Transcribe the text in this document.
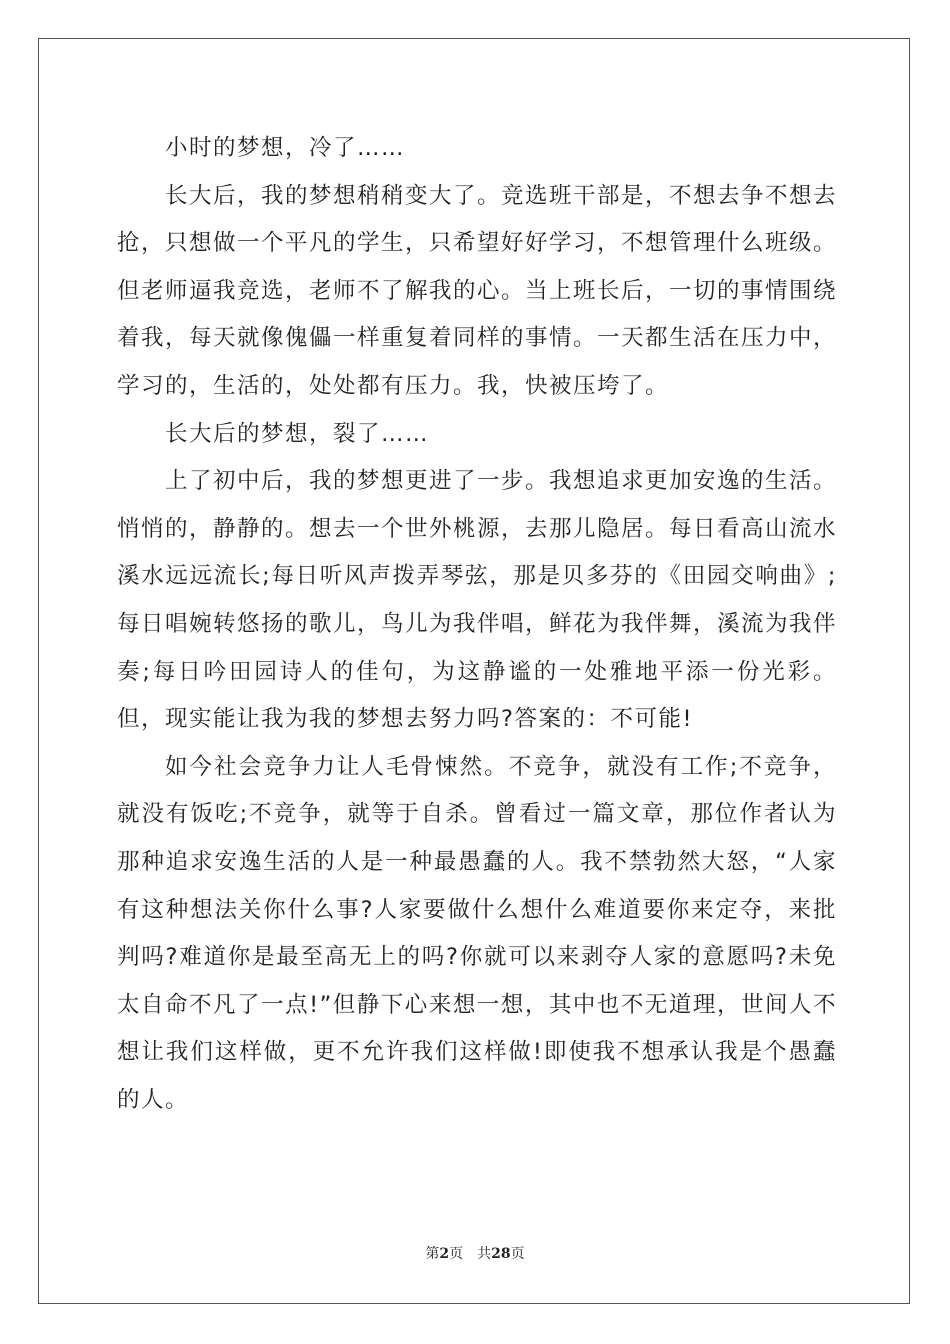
小时的梦想，冷了……

长大后，我的梦想稍稍变大了。竞选班干部是，不想去争不想去抢，只想做一个平凡的学生，只希望好好学习，不想管理什么班级。但老师逼我竞选，老师不了解我的心。当上班长后，一切的事情围绕着我，每天就像傀儡一样重复着同样的事情。一天都生活在压力中，学习的，生活的，处处都有压力。我，快被压垮了。

长大后的梦想，裂了……

上了初中后，我的梦想更进了一步。我想追求更加安逸的生活。悄悄的，静静的。想去一个世外桃源，去那儿隐居。每日看高山流水溪水远远流长;每日听风声拨弄琴弦，那是贝多芬的《田园交响曲》;每日唱婉转悠扬的歌儿，鸟儿为我伴唱，鲜花为我伴舞，溪流为我伴奏;每日吟田园诗人的佳句，为这静谧的一处雅地平添一份光彩。但，现实能让我为我的梦想去努力吗?答案的：不可能!

如今社会竞争力让人毛骨悚然。不竞争，就没有工作;不竞争，就没有饭吃;不竞争，就等于自杀。曾看过一篇文章，那位作者认为那种追求安逸生活的人是一种最愚蠢的人。我不禁勃然大怒，“人家有这种想法关你什么事?人家要做什么想什么难道要你来定夺，来批判吗?难道你是最至高无上的吗?你就可以来剥夺人家的意愿吗?未免太自命不凡了一点!”但静下心来想一想，其中也不无道理，世间人不想让我们这样做，更不允许我们这样做!即使我不想承认我是个愚蠢的人。

第2页 共28页
